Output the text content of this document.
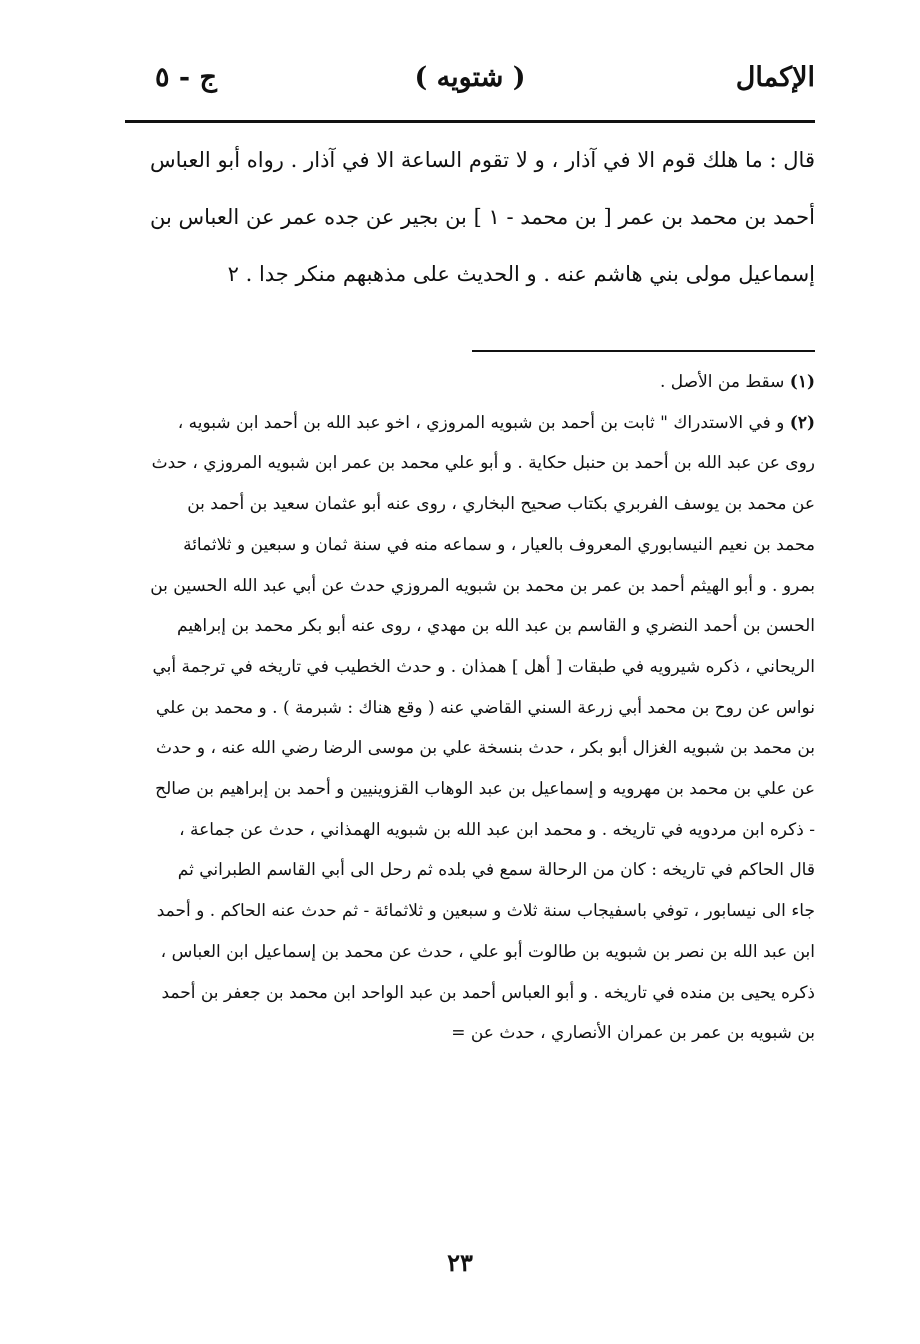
الإكمال
( شتويه )
ج - ٥
قال : ما هلك قوم الا في آذار ، و لا تقوم الساعة الا في آذار . رواه أبو العباس أحمد بن محمد بن عمر [ بن محمد - ١ ] بن بجير عن جده عمر عن العباس بن إسماعيل مولى بني هاشم عنه . و الحديث على مذهبهم منكر جدا . ٢

(١) سقط من الأصل .

(٢) و في الاستدراك " ثابت بن أحمد بن شبويه المروزي ، اخو عبد الله بن أحمد ابن شبويه ، روى عن عبد الله بن أحمد بن حنبل حكاية . و أبو علي محمد بن عمر ابن شبويه المروزي ، حدث عن محمد بن يوسف الفربري بكتاب صحيح البخاري ، روى عنه أبو عثمان سعيد بن أحمد بن محمد بن نعيم النيسابوري المعروف بالعيار ، و سماعه منه في سنة ثمان و سبعين و ثلاثمائة بمرو . و أبو الهيثم أحمد بن عمر بن محمد بن شبويه المروزي حدث عن أبي عبد الله الحسين بن الحسن بن أحمد النضري و القاسم بن عبد الله بن مهدي ، روى عنه أبو بكر محمد بن إبراهيم الريحاني ، ذكره شيرويه في طبقات [ أهل ] همذان . و حدث الخطيب في تاريخه في ترجمة أبي نواس عن روح بن محمد أبي زرعة السني القاضي عنه ( وقع هناك : شبرمة ) . و محمد بن علي بن محمد بن شبويه الغزال أبو بكر ، حدث بنسخة علي بن موسى الرضا رضي الله عنه ، و حدث عن علي بن محمد بن مهرويه و إسماعيل بن عبد الوهاب القزوينيين و أحمد بن إبراهيم بن صالح - ذكره ابن مردويه في تاريخه . و محمد ابن عبد الله بن شبويه الهمذاني ، حدث عن جماعة ، قال الحاكم في تاريخه : كان من الرحالة سمع في بلده ثم رحل الى أبي القاسم الطبراني ثم جاء الى نيسابور ، توفي باسفيجاب سنة ثلاث و سبعين و ثلاثمائة - ثم حدث عنه الحاكم . و أحمد ابن عبد الله بن نصر بن شبويه بن طالوت أبو علي ، حدث عن محمد بن إسماعيل ابن العباس ، ذكره يحيى بن منده في تاريخه . و أبو العباس أحمد بن عبد الواحد ابن محمد بن جعفر بن أحمد بن شبويه بن عمر بن عمران الأنصاري ، حدث عن =

٢٣
